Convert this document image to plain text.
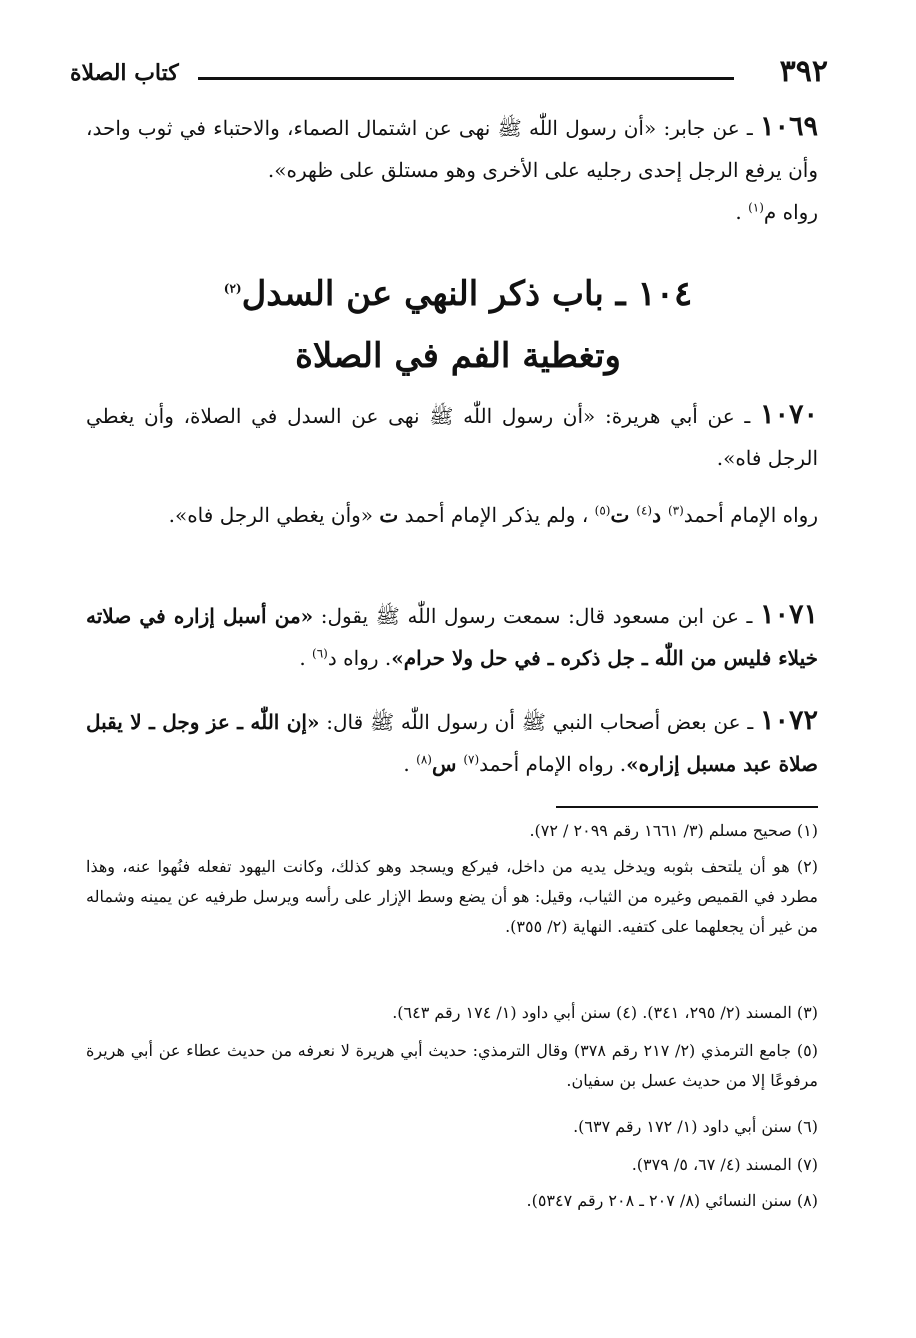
٣٩٢
كتاب الصلاة
١٠٦٩ ـ عن جابر: «أن رسول اللّٰه ﷺ نهى عن اشتمال الصماء، والاحتباء في ثوب واحد، وأن يرفع الرجل إحدى رجليه على الأخرى وهو مستلق على ظهره».
رواه م$^{(١)}$ .
١٠٤ ـ باب ذكر النهي عن السدل$^{(٢)}$
وتغطية الفم في الصلاة
١٠٧٠ ـ عن أبي هريرة: «أن رسول اللّٰه ﷺ نهى عن السدل في الصلاة، وأن يغطي الرجل فاه».
رواه الإمام أحمد$^{(٣)}$ د$^{(٤)}$ ت$^{(٥)}$ ، ولم يذكر الإمام أحمد ت «وأن يغطي الرجل فاه».
١٠٧١ ـ عن ابن مسعود قال: سمعت رسول اللّٰه ﷺ يقول: «من أسبل إزاره في صلاته خيلاء فليس من اللّٰه ـ جل ذكره ـ في حل ولا حرام». رواه د$^{(٦)}$ .
١٠٧٢ ـ عن بعض أصحاب النبي ﷺ أن رسول اللّٰه ﷺ قال: «إن اللّٰه ـ عز وجل ـ لا يقبل صلاة عبد مسبل إزاره». رواه الإمام أحمد$^{(٧)}$ س$^{(٨)}$ .
(١) صحيح مسلم (٣/ ١٦٦١ رقم ٢٠٩٩ / ٧٢).
(٢) هو أن يلتحف بثوبه ويدخل يديه من داخل، فيركع ويسجد وهو كذلك، وكانت اليهود تفعله فنُهوا عنه، وهذا مطرد في القميص وغيره من الثياب، وقيل: هو أن يضع وسط الإزار على رأسه ويرسل طرفيه عن يمينه وشماله من غير أن يجعلهما على كتفيه. النهاية (٢/ ٣٥٥).
(٣) المسند (٢/ ٢٩٥، ٣٤١). (٤) سنن أبي داود (١/ ١٧٤ رقم ٦٤٣).
(٥) جامع الترمذي (٢/ ٢١٧ رقم ٣٧٨) وقال الترمذي: حديث أبي هريرة لا نعرفه من حديث عطاء عن أبي هريرة مرفوعًا إلا من حديث عسل بن سفيان.
(٦) سنن أبي داود (١/ ١٧٢ رقم ٦٣٧).
(٧) المسند (٤/ ٦٧، ٥/ ٣٧٩).
(٨) سنن النسائي (٨/ ٢٠٧ ـ ٢٠٨ رقم ٥٣٤٧).
